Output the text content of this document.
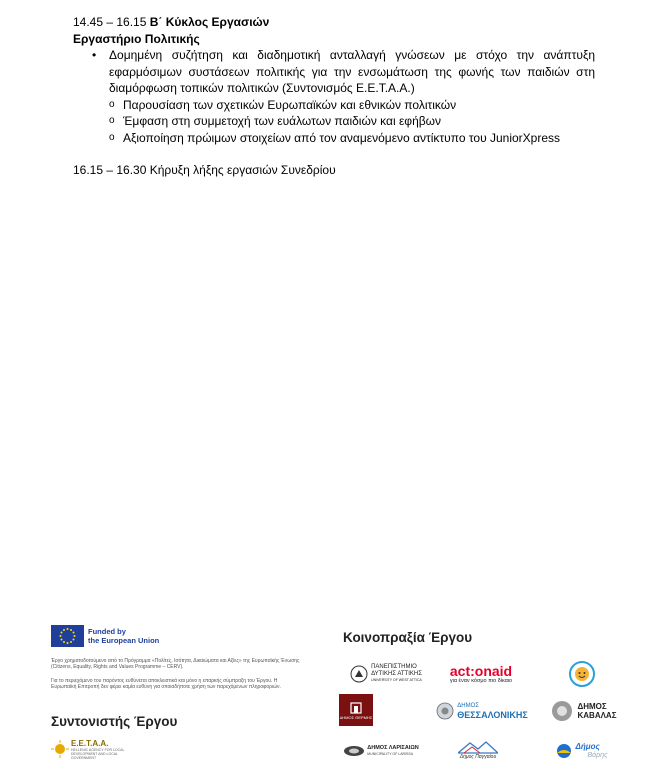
14.45 – 16.15 Β΄ Κύκλος Εργασιών
Εργαστήριο Πολιτικής
• Δομημένη συζήτηση και διαδημοτική ανταλλαγή γνώσεων με στόχο την ανάπτυξη εφαρμόσιμων συστάσεων πολιτικής για την ενσωμάτωση της φωνής των παιδιών στη διαμόρφωση τοπικών πολιτικών (Συντονισμός Ε.Ε.Τ.Α.Α.)
o Παρουσίαση των σχετικών Ευρωπαϊκών και εθνικών πολιτικών
o Έμφαση στη συμμετοχή των ευάλωτων παιδιών και εφήβων
o Αξιοποίηση πρώιμων στοιχείων από τον αναμενόμενο αντίκτυπο του JuniorXpress
16.15 – 16.30 Κήρυξη λήξης εργασιών Συνεδρίου
Funded by
the European Union
Έργο χρηματοδοτούμενο από το Πρόγραμμα «Πολίτες, Ισότητα, Δικαιώματα και Αξίες» της Ευρωπαϊκής Ένωσης (Citizens, Equality, Rights and Values Programme – CERV).
Για το περιεχόμενο του παρόντος ευθύνεται αποκλειστικά και μόνο η επαρκής σύμπραξη του Έργου. Η Ευρωπαϊκή Επιτροπή δεν φέρει καμία ευθύνη για οποιαδήποτε χρήση των παρεχόμενων πληροφοριών.
Συντονιστής Έργου
Ε.Ε.Τ.Α.Α.
HELLENIC AGENCY FOR LOCAL DEVELOPMENT AND LOCAL GOVERNMENT
Κοινοπραξία Έργου
ΠΑΝΕΠΙΣΤΗΜΙΟ
ΔΥΤΙΚΗΣ ΑΤΤΙΚΗΣ
UNIVERSITY OF WEST ATTICA
act:onaid
για έναν κόσμο πιο δίκαιο
ΔΗΜΟΣ ΘΕΡΜΗΣ
ΔΗΜΟΣ
ΘΕΣΣΑΛΟΝΙΚΗΣ
ΔΗΜΟΣ
ΚΑΒΑΛΑΣ
ΔΗΜΟΣ ΛΑΡΙΣΑΙΩΝ
MUNICIPALITY OF LARISSA	Δήμος Παγγαίου
Δήμος
Βάρης
